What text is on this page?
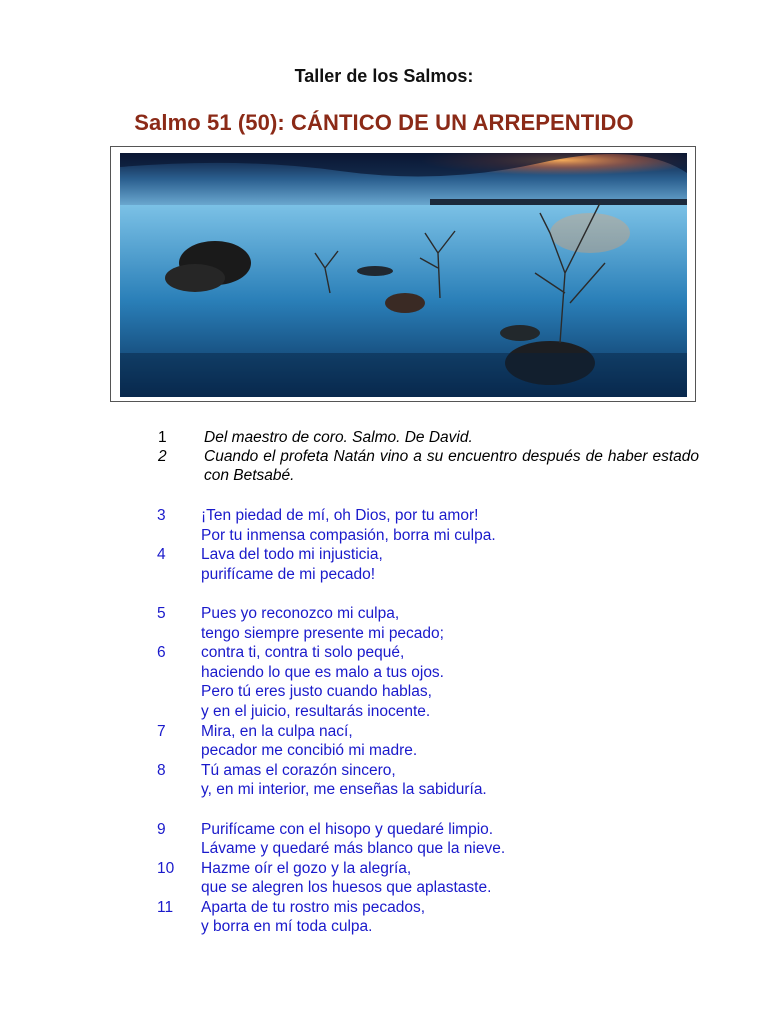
Taller de los Salmos:
Salmo 51 (50): CÁNTICO DE UN ARREPENTIDO
1	Del maestro de coro. Salmo. De David.
2	Cuando el profeta Natán vino a su encuentro después de haber estado con Betsabé.
3	¡Ten piedad de mí, oh Dios, por tu amor!
Por tu inmensa compasión, borra mi culpa.
4	Lava del todo mi injusticia,
purifícame de mi pecado!
5	Pues yo reconozco mi culpa,
tengo siempre presente mi pecado;
6	contra ti, contra ti solo pequé,
haciendo lo que es malo a tus ojos.
Pero tú eres justo cuando hablas,
y en el juicio, resultarás inocente.
7	Mira, en la culpa nací,
pecador me concibió mi madre.
8	Tú amas el corazón sincero,
y, en mi interior, me enseñas la sabiduría.
9	Purifícame con el hisopo y quedaré limpio.
Lávame y quedaré más blanco que la nieve.
10	Hazme oír el gozo y la alegría,
que se alegren los huesos que aplastaste.
11	Aparta de tu rostro mis pecados,
y borra en mí toda culpa.
